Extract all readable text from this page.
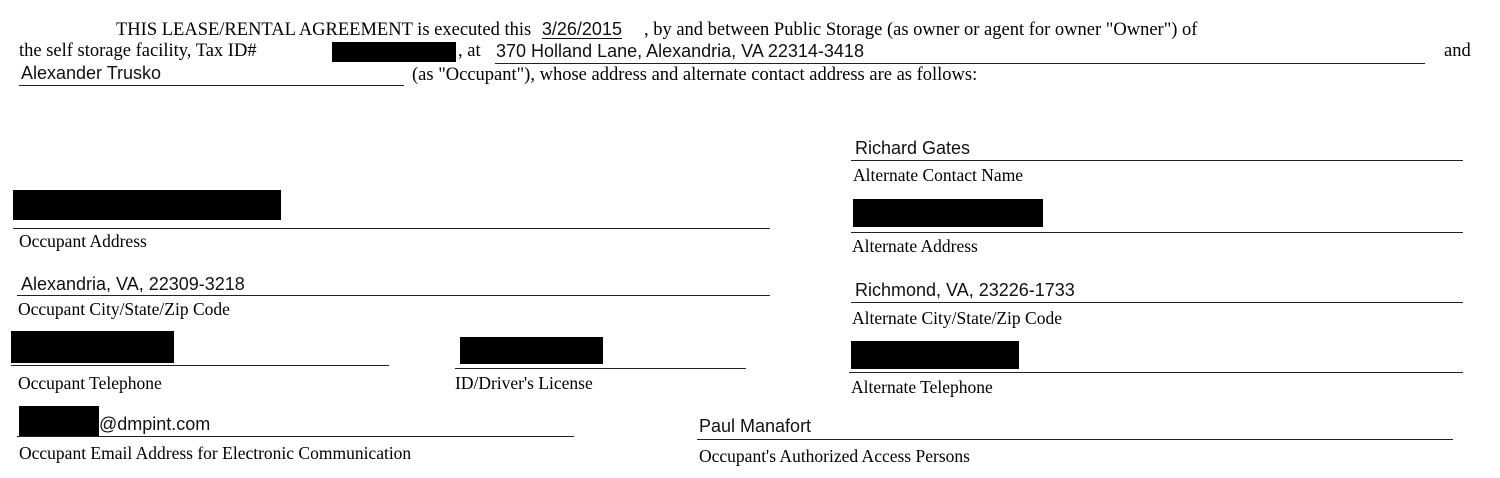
THIS LEASE/RENTAL AGREEMENT is executed this 3/26/2015 , by and between Public Storage (as owner or agent for owner "Owner") of
the self storage facility, Tax ID#	, at 370 Holland Lane, Alexandria, VA 22314-3418	and
Alexander Trusko	(as "Occupant"), whose address and alternate contact address are as follows:
Richard Gates
Alternate Contact Name
Occupant Address	Alternate Address
Alexandria, VA, 22309-3218
Occupant City/State/Zip Code
Richmond, VA, 23226-1733
Alternate City/State/Zip Code
Occupant Telephone	ID/Driver's License	Alternate Telephone
@dmpint.com
Occupant Email Address for Electronic Communication
Paul Manafort
Occupant's Authorized Access Persons
